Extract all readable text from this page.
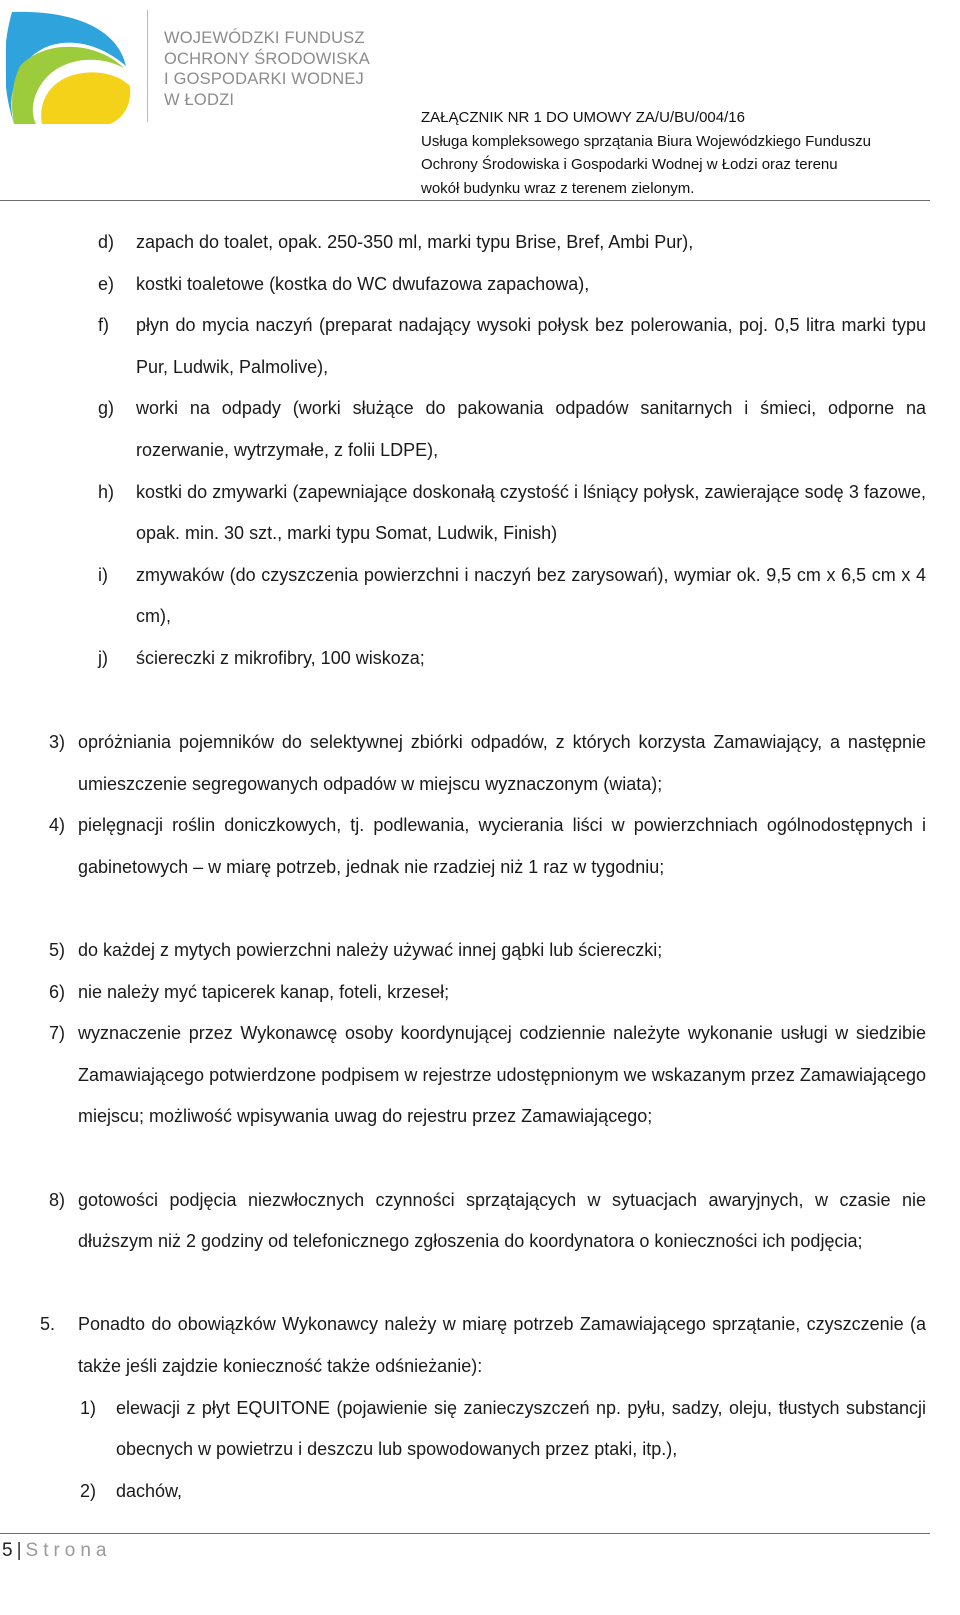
WOJEWÓDZKI FUNDUSZ
OCHRONY ŚRODOWISKA
I GOSPODARKI WODNEJ
W ŁODZI
ZAŁĄCZNIK NR 1 DO UMOWY ZA/U/BU/004/16
Usługa kompleksowego sprzątania Biura Wojewódzkiego Funduszu
Ochrony Środowiska i Gospodarki Wodnej w Łodzi oraz terenu
wokół budynku wraz z terenem zielonym.
d) zapach do toalet, opak. 250-350 ml, marki typu Brise, Bref, Ambi Pur),
e) kostki toaletowe (kostka do WC dwufazowa zapachowa),
f) płyn do mycia naczyń (preparat nadający wysoki połysk bez polerowania, poj. 0,5 litra marki typu Pur, Ludwik, Palmolive),
g) worki na odpady (worki służące do pakowania odpadów sanitarnych i śmieci, odporne na rozerwanie, wytrzymałe, z folii LDPE),
h) kostki do zmywarki (zapewniające doskonałą czystość i lśniący połysk, zawierające sodę 3 fazowe, opak. min. 30 szt., marki typu Somat, Ludwik, Finish)
i) zmywaków (do czyszczenia powierzchni i naczyń bez zarysowań), wymiar ok. 9,5 cm x 6,5 cm x 4 cm),
j) ściereczki z mikrofibry, 100 wiskoza;
3) opróżniania pojemników do selektywnej zbiórki odpadów, z których korzysta Zamawiający, a następnie umieszczenie segregowanych odpadów w miejscu wyznaczonym (wiata);
4) pielęgnacji roślin doniczkowych, tj. podlewania, wycierania liści w powierzchniach ogólnodostępnych i gabinetowych – w miarę potrzeb, jednak nie rzadziej niż 1 raz w tygodniu;
5) do każdej z mytych powierzchni należy używać innej gąbki lub ściereczki;
6) nie należy myć tapicerek kanap, foteli, krzeseł;
7) wyznaczenie przez Wykonawcę osoby koordynującej codziennie należyte wykonanie usługi w siedzibie Zamawiającego potwierdzone podpisem w rejestrze udostępnionym we wskazanym przez Zamawiającego miejscu; możliwość wpisywania uwag do rejestru przez Zamawiającego;
8) gotowości podjęcia niezwłocznych czynności sprzątających w sytuacjach awaryjnych, w czasie nie dłuższym niż 2 godziny od telefonicznego zgłoszenia do koordynatora o konieczności ich podjęcia;
5. Ponadto do obowiązków Wykonawcy należy w miarę potrzeb Zamawiającego sprzątanie, czyszczenie (a także jeśli zajdzie konieczność także odśnieżanie):
1) elewacji z płyt EQUITONE (pojawienie się zanieczyszczeń np. pyłu, sadzy, oleju, tłustych substancji obecnych w powietrzu i deszczu lub spowodowanych przez ptaki, itp.),
2) dachów,
5 | Strona
